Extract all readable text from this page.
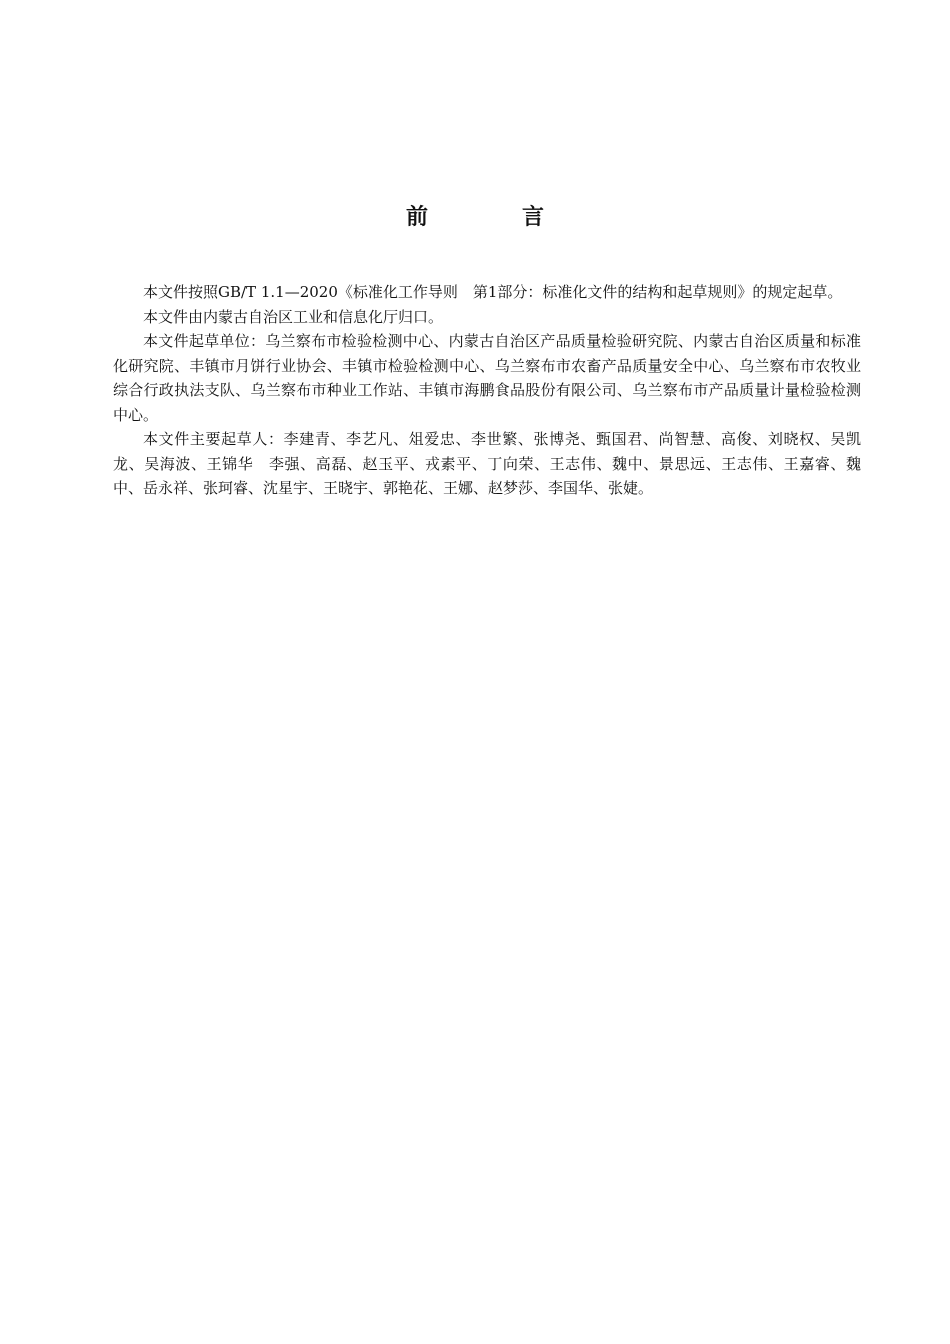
前　言

本文件按照GB/T 1.1—2020《标准化工作导则　第1部分：标准化文件的结构和起草规则》的规定起草。

本文件由内蒙古自治区工业和信息化厅归口。

本文件起草单位：乌兰察布市检验检测中心、内蒙古自治区产品质量检验研究院、内蒙古自治区质量和标准化研究院、丰镇市月饼行业协会、丰镇市检验检测中心、乌兰察布市农畜产品质量安全中心、乌兰察布市农牧业综合行政执法支队、乌兰察布市种业工作站、丰镇市海鹏食品股份有限公司、乌兰察布市产品质量计量检验检测中心。

本文件主要起草人：李建青、李艺凡、俎爱忠、李世繁、张博尧、甄国君、尚智慧、高俊、刘晓权、吴凯龙、吴海波、王锦华　李强、高磊、赵玉平、戎素平、丁向荣、王志伟、魏中、景思远、王志伟、王嘉睿、魏中、岳永祥、张珂睿、沈星宇、王晓宇、郭艳花、王娜、赵梦莎、李国华、张婕。
